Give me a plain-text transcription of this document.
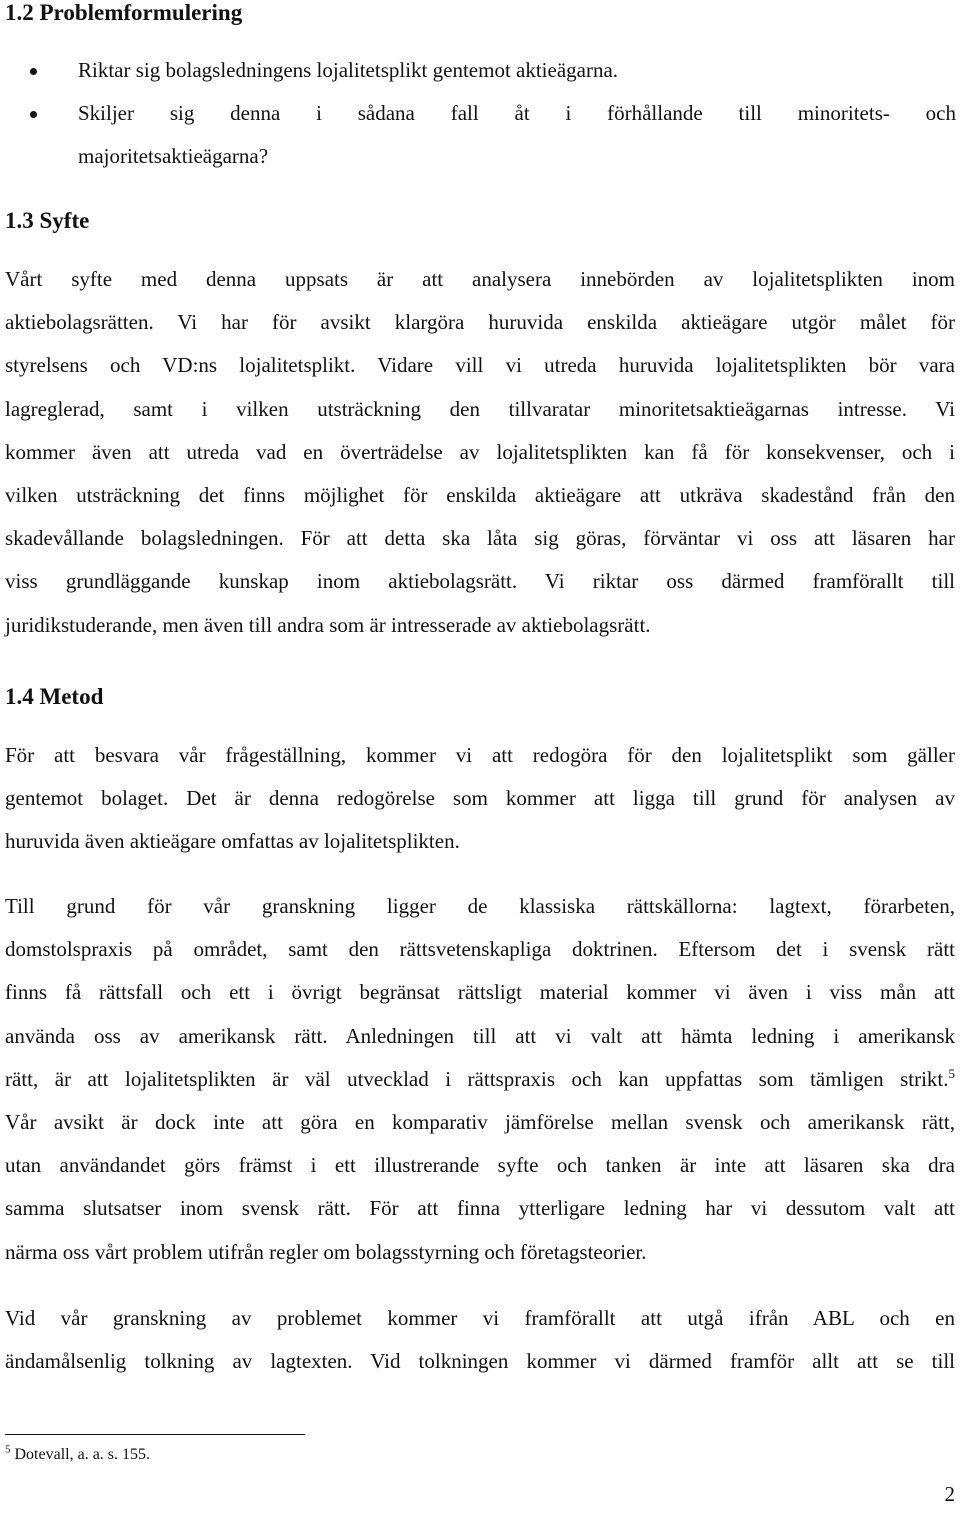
1.2 Problemformulering
Riktar sig bolagsledningens lojalitetsplikt gentemot aktieägarna.
Skiljer sig denna i sådana fall åt i förhållande till minoritets- och
majoritetsaktieägarna?
1.3 Syfte
Vårt syfte med denna uppsats är att analysera innebörden av lojalitetsplikten inom
aktiebolagsrätten. Vi har för avsikt klargöra huruvida enskilda aktieägare utgör målet för
styrelsens och VD:ns lojalitetsplikt. Vidare vill vi utreda huruvida lojalitetsplikten bör vara
lagreglerad, samt i vilken utsträckning den tillvaratar minoritetsaktieägarnas intresse. Vi
kommer även att utreda vad en överträdelse av lojalitetsplikten kan få för konsekvenser, och i
vilken utsträckning det finns möjlighet för enskilda aktieägare att utkräva skadestånd från den
skadevållande bolagsledningen. För att detta ska låta sig göras, förväntar vi oss att läsaren har
viss grundläggande kunskap inom aktiebolagsrätt. Vi riktar oss därmed framförallt till
juridikstuderande, men även till andra som är intresserade av aktiebolagsrätt.
1.4 Metod
För att besvara vår frågeställning, kommer vi att redogöra för den lojalitetsplikt som gäller
gentemot bolaget. Det är denna redogörelse som kommer att ligga till grund för analysen av
huruvida även aktieägare omfattas av lojalitetsplikten.
Till grund för vår granskning ligger de klassiska rättskällorna: lagtext, förarbeten,
domstolspraxis på området, samt den rättsvetenskapliga doktrinen. Eftersom det i svensk rätt
finns få rättsfall och ett i övrigt begränsat rättsligt material kommer vi även i viss mån att
använda oss av amerikansk rätt. Anledningen till att vi valt att hämta ledning i amerikansk
rätt, är att lojalitetsplikten är väl utvecklad i rättspraxis och kan uppfattas som tämligen strikt.$^5$
Vår avsikt är dock inte att göra en komparativ jämförelse mellan svensk och amerikansk rätt,
utan användandet görs främst i ett illustrerande syfte och tanken är inte att läsaren ska dra
samma slutsatser inom svensk rätt. För att finna ytterligare ledning har vi dessutom valt att
närma oss vårt problem utifrån regler om bolagsstyrning och företagsteorier.
Vid vår granskning av problemet kommer vi framförallt att utgå ifrån ABL och en
ändamålsenlig tolkning av lagtexten. Vid tolkningen kommer vi därmed framför allt att se till

$^5$ Dotevall, a. a. s. 155.

2
